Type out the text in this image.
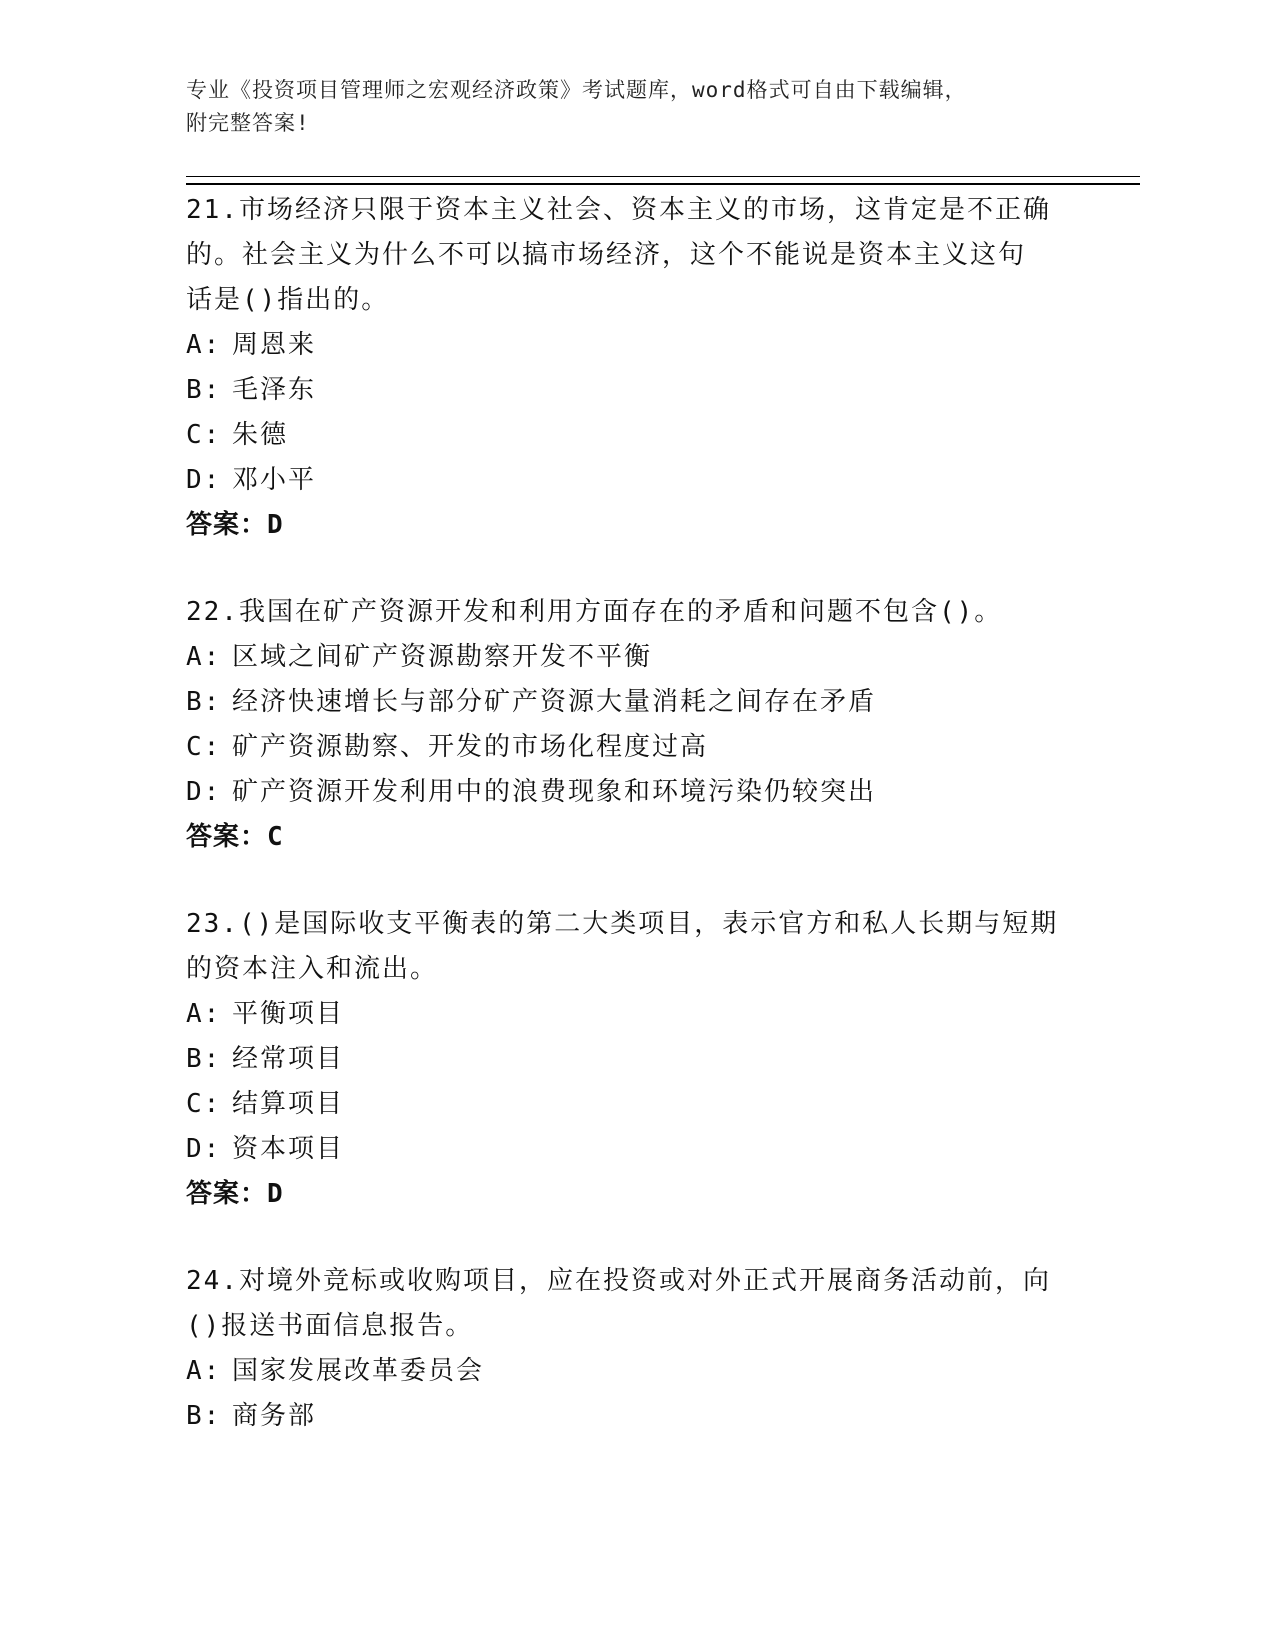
专业《投资项目管理师之宏观经济政策》考试题库，word格式可自由下载编辑，
附完整答案!

21.市场经济只限于资本主义社会、资本主义的市场，这肯定是不正确

的。社会主义为什么不可以搞市场经济，这个不能说是资本主义这句

话是()指出的。

A: 周恩来

B: 毛泽东

C: 朱德

D: 邓小平

答案：D

22.我国在矿产资源开发和利用方面存在的矛盾和问题不包含()。

A: 区域之间矿产资源勘察开发不平衡

B: 经济快速增长与部分矿产资源大量消耗之间存在矛盾

C: 矿产资源勘察、开发的市场化程度过高

D: 矿产资源开发利用中的浪费现象和环境污染仍较突出

答案：C

23.()是国际收支平衡表的第二大类项目，表示官方和私人长期与短期

的资本注入和流出。

A: 平衡项目

B: 经常项目

C: 结算项目

D: 资本项目

答案：D

24.对境外竞标或收购项目，应在投资或对外正式开展商务活动前，向

()报送书面信息报告。

A: 国家发展改革委员会

B: 商务部
